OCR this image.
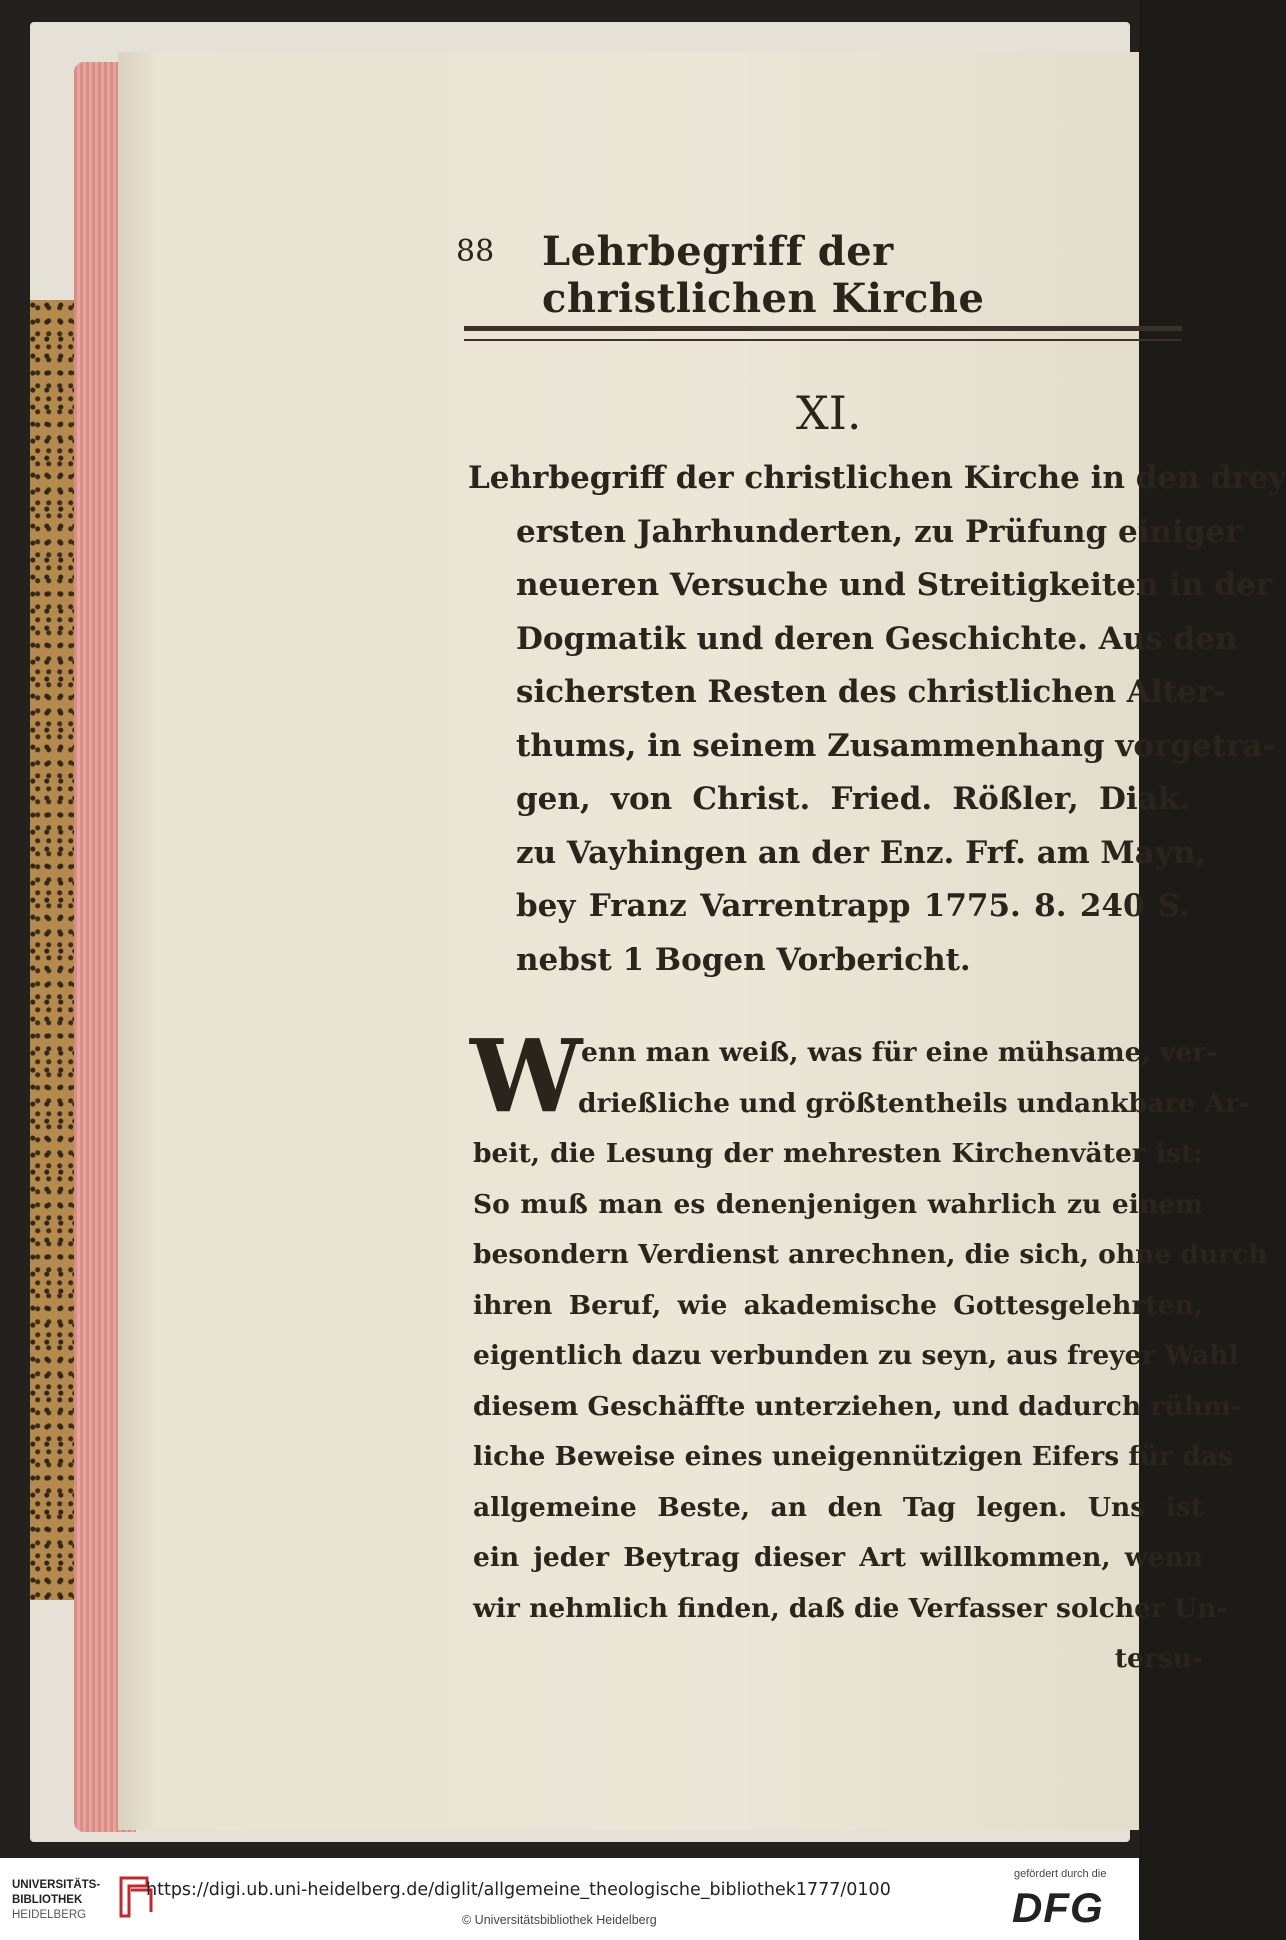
88 Lehrbegriff der christlichen Kirche
XI.
Lehrbegriff der christlichen Kirche in den drey
ersten Jahrhunderten, zu Prüfung einiger
neueren Versuche und Streitigkeiten in der
Dogmatik und deren Geschichte. Aus den
sichersten Resten des christlichen Alter-
thums, in seinem Zusammenhang vorgetra-
gen, von Christ. Fried. Rößler, Diak.
zu Vayhingen an der Enz. Frf. am Mayn,
bey Franz Varrentrapp 1775. 8. 240 S.
nebst 1 Bogen Vorbericht.
W
enn man weiß, was für eine mühsame, ver-
drießliche und größtentheils undankbare Ar-
beit, die Lesung der mehresten Kirchenväter ist:
So muß man es denenjenigen wahrlich zu einem
besondern Verdienst anrechnen, die sich, ohne durch
ihren Beruf, wie akademische Gottesgelehrten,
eigentlich dazu verbunden zu seyn, aus freyer Wahl
diesem Geschäffte unterziehen, und dadurch rühm-
liche Beweise eines uneigennützigen Eifers für das
allgemeine Beste, an den Tag legen. Uns ist
ein jeder Beytrag dieser Art willkommen, wenn
wir nehmlich finden, daß die Verfasser solcher Un-
tersu-
UNIVERSITÄTS-
BIBLIOTHEK
HEIDELBERG
https://digi.ub.uni-heidelberg.de/diglit/allgemeine_theologische_bibliothek1777/0100
© Universitätsbibliothek Heidelberg
gefördert durch die
DFG
